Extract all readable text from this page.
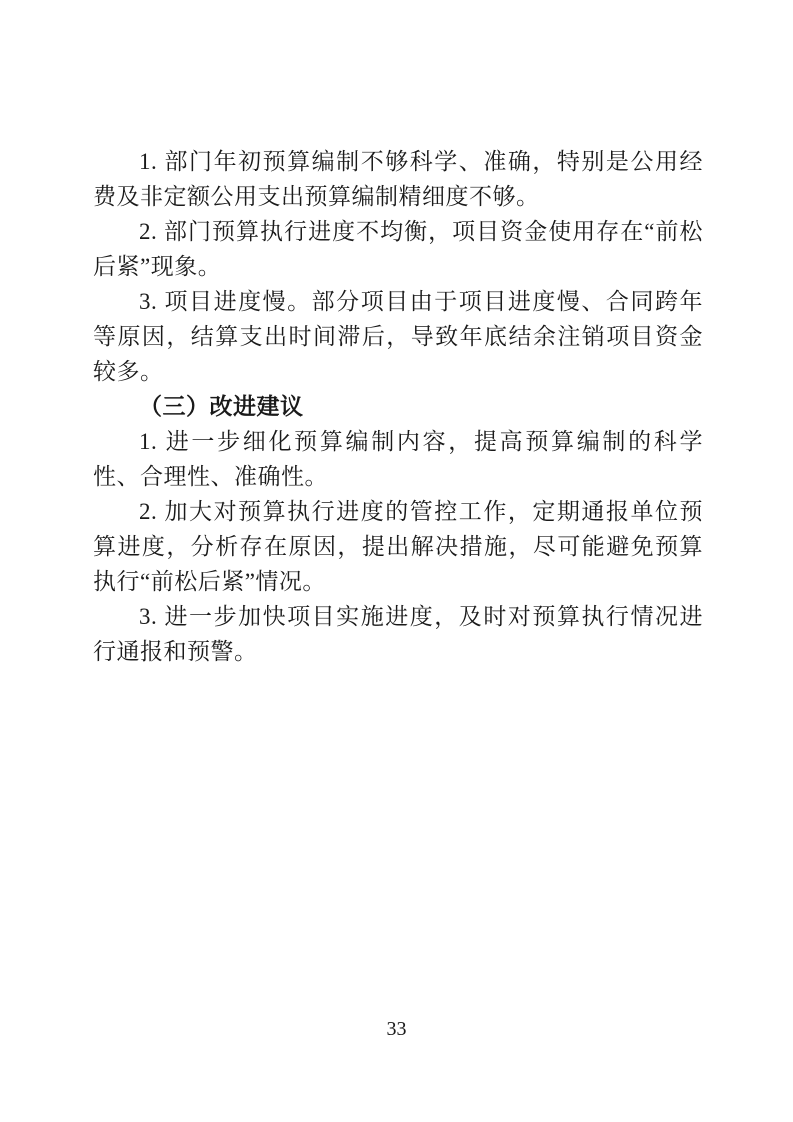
1. 部门年初预算编制不够科学、准确，特别是公用经费及非定额公用支出预算编制精细度不够。

2. 部门预算执行进度不均衡，项目资金使用存在“前松后紧”现象。

3. 项目进度慢。部分项目由于项目进度慢、合同跨年等原因，结算支出时间滞后，导致年底结余注销项目资金较多。

（三）改进建议

1. 进一步细化预算编制内容，提高预算编制的科学性、合理性、准确性。

2. 加大对预算执行进度的管控工作，定期通报单位预算进度，分析存在原因，提出解决措施，尽可能避免预算执行“前松后紧”情况。

3. 进一步加快项目实施进度，及时对预算执行情况进行通报和预警。

33
